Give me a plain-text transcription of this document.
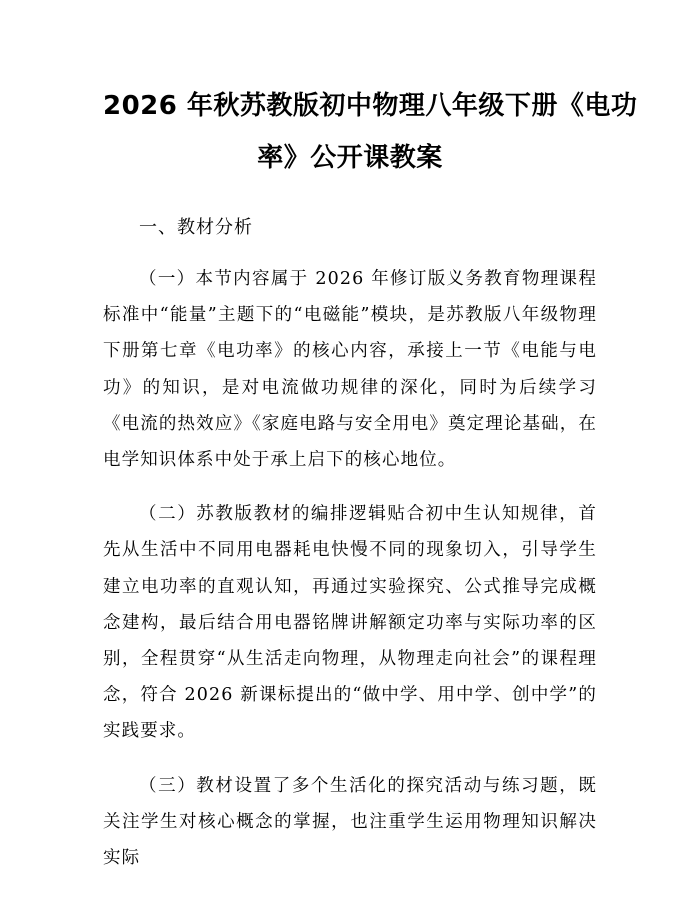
2026 年秋苏教版初中物理八年级下册《电功
率》公开课教案

一、教材分析

（一）本节内容属于 2026 年修订版义务教育物理课程标准中“能量”主题下的“电磁能”模块，是苏教版八年级物理下册第七章《电功率》的核心内容，承接上一节《电能与电功》的知识，是对电流做功规律的深化，同时为后续学习《电流的热效应》《家庭电路与安全用电》奠定理论基础，在电学知识体系中处于承上启下的核心地位。

（二）苏教版教材的编排逻辑贴合初中生认知规律，首先从生活中不同用电器耗电快慢不同的现象切入，引导学生建立电功率的直观认知，再通过实验探究、公式推导完成概念建构，最后结合用电器铭牌讲解额定功率与实际功率的区别，全程贯穿“从生活走向物理，从物理走向社会”的课程理念，符合 2026 新课标提出的“做中学、用中学、创中学”的实践要求。

（三）教材设置了多个生活化的探究活动与练习题，既关注学生对核心概念的掌握，也注重学生运用物理知识解决实际
